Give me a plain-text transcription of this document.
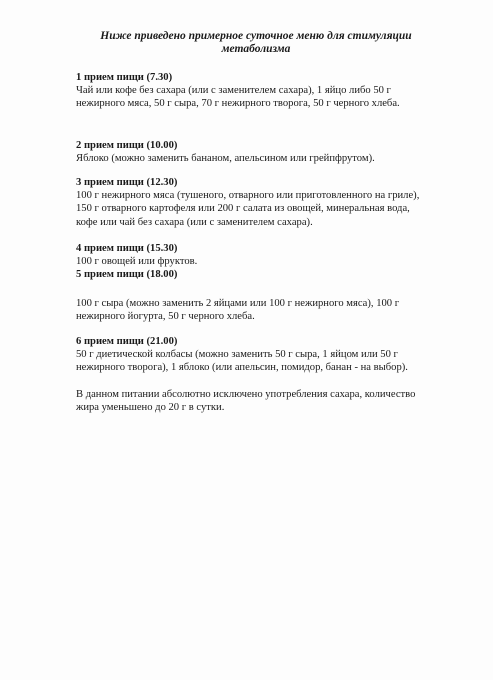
Ниже приведено примерное суточное меню для стимуляции
метаболизма
1 прием пищи (7.30)
Чай или кофе без сахара (или с заменителем сахара), 1 яйцо либо 50 г
нежирного мяса, 50 г сыра, 70 г нежирного творога, 50 г черного хлеба.
2 прием пищи (10.00)
Яблоко (можно заменить бананом, апельсином или грейпфрутом).
3 прием пищи (12.30)
100 г нежирного мяса (тушеного, отварного или приготовленного на гриле),
150 г отварного картофеля или 200 г салата из овощей, минеральная вода,
кофе или чай без сахара (или с заменителем сахара).
4 прием пищи (15.30)
100 г овощей или фруктов.
5 прием пищи (18.00)
100 г сыра (можно заменить 2 яйцами или 100 г нежирного мяса), 100 г
нежирного йогурта, 50 г черного хлеба.
6 прием пищи (21.00)
50 г диетической колбасы (можно заменить 50 г сыра, 1 яйцом или 50 г
нежирного творога), 1 яблоко (или апельсин, помидор, банан - на выбор).
В данном питании абсолютно исключено употребления сахара, количество
жира уменьшено до 20 г в сутки.
